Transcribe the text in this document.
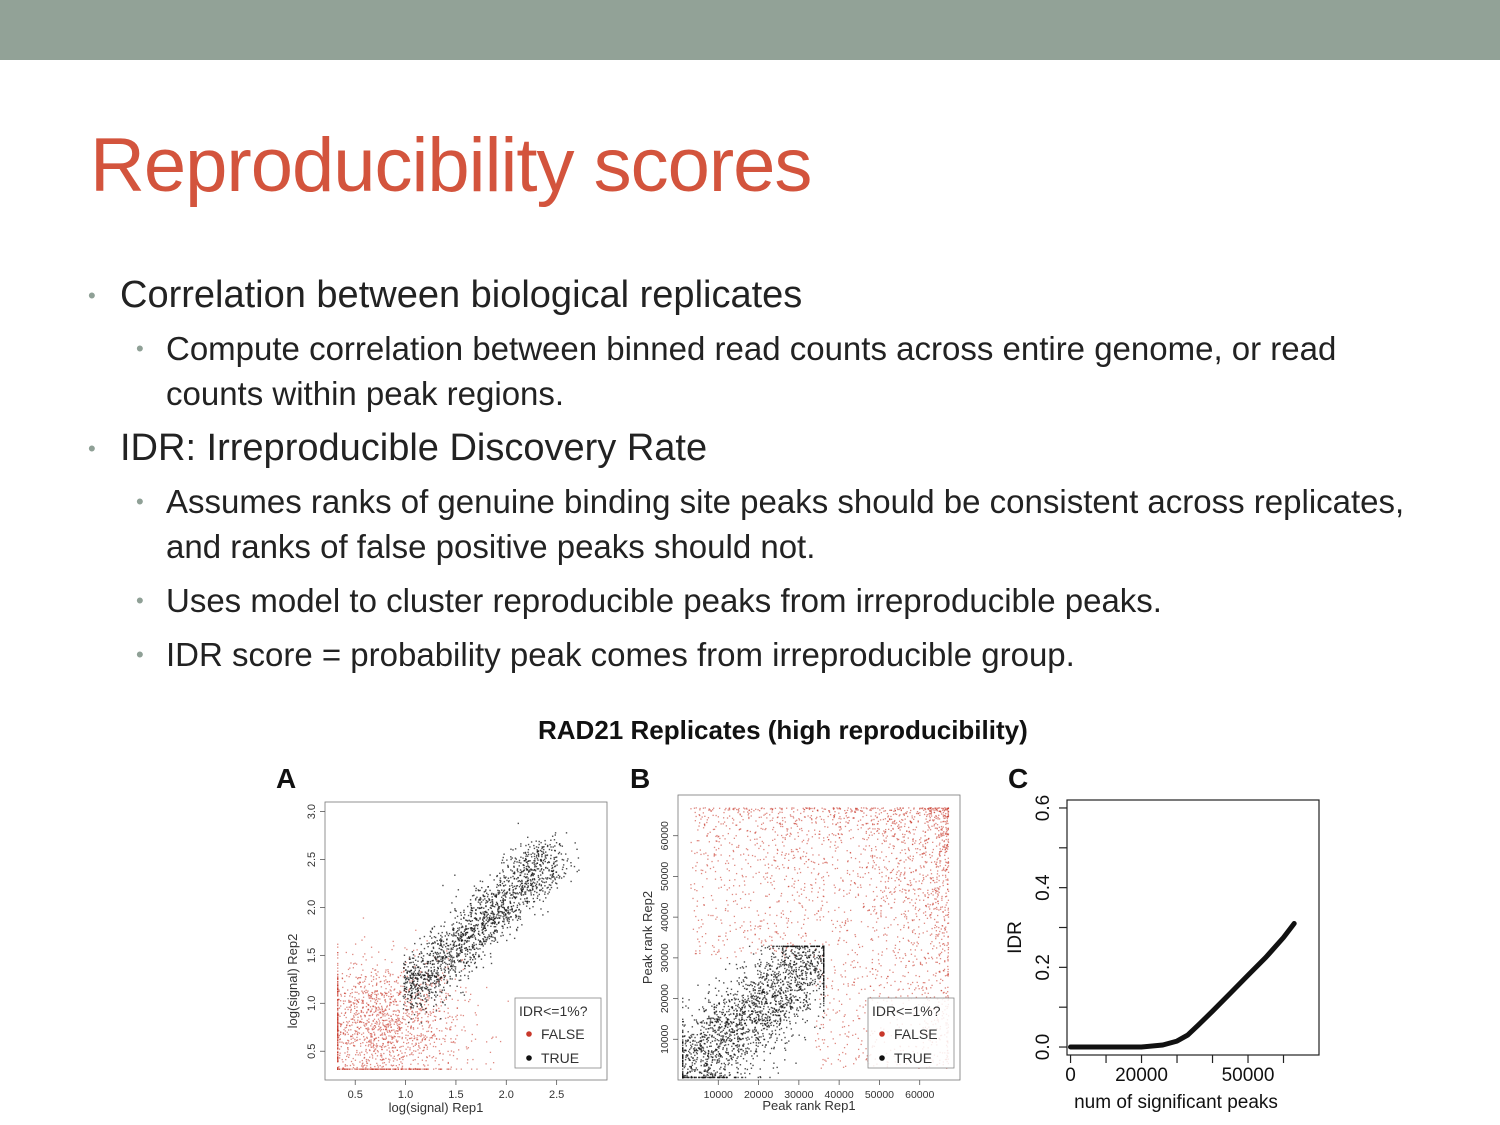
Reproducibility scores
• Correlation between biological replicates
• Compute correlation between binned read counts across entire genome, or read counts within peak regions.
• IDR: Irreproducible Discovery Rate
• Assumes ranks of genuine binding site peaks should be consistent across replicates, and ranks of false positive peaks should not.
• Uses model to cluster reproducible peaks from irreproducible peaks.
• IDR score = probability peak comes from irreproducible group.
RAD21 Replicates (high reproducibility)
A	B	C
0.5	1.0	1.5	2.0	2.5
0.5
1.0
1.5
2.0
2.5
3.0
log(signal) Rep1
log(signal) Rep2	IDR<=1%?
FALSE
TRUE
10000 20000 30000 40000 50000 60000
10000
20000
30000
40000
50000
60000
Peak rank Rep1
Peak rank Rep2
IDR<=1%?
FALSE
TRUE
0 20000	50000
0.0
0.2
0.4
0.6
num of significant peaks
IDR
